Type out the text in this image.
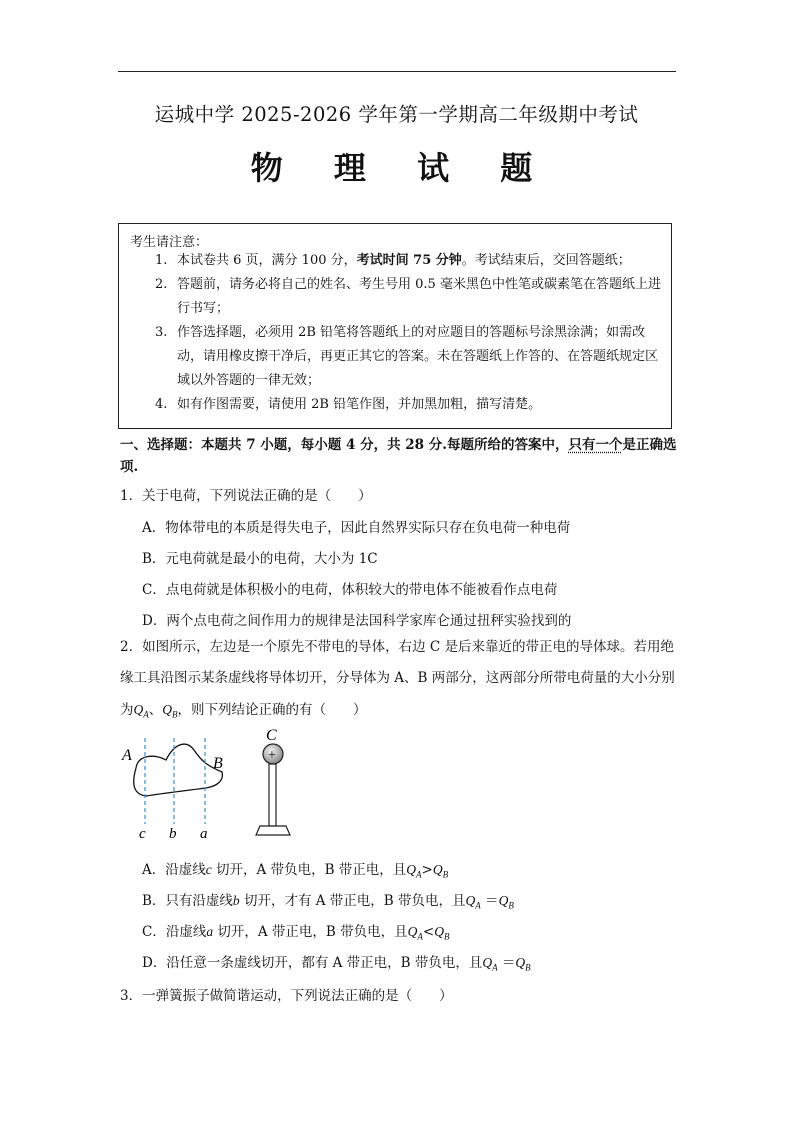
运城中学 2025-2026 学年第一学期高二年级期中考试
物 理 试 题
考生请注意：
1. 本试卷共 6 页，满分 100 分，考试时间 75 分钟。考试结束后，交回答题纸；
2. 答题前，请务必将自己的姓名、考生号用 0.5 毫米黑色中性笔或碳素笔在答题纸上进行书写；
3. 作答选择题，必须用 2B 铅笔将答题纸上的对应题目的答题标号涂黑涂满；如需改动，请用橡皮擦干净后，再更正其它的答案。未在答题纸上作答的、在答题纸规定区域以外答题的一律无效；
4. 如有作图需要，请使用 2B 铅笔作图，并加黑加粗，描写清楚。
一、选择题：本题共 7 小题，每小题 4 分，共 28 分.每题所给的答案中，只有一个是正确选项.
1．关于电荷，下列说法正确的是（　　）
A．物体带电的本质是得失电子，因此自然界实际只存在负电荷一种电荷
B．元电荷就是最小的电荷，大小为 1C
C．点电荷就是体积极小的电荷，体积较大的带电体不能被看作点电荷
D．两个点电荷之间作用力的规律是法国科学家库仑通过扭秤实验找到的
2．如图所示，左边是一个原先不带电的导体，右边 C 是后来靠近的带正电的导体球。若用绝缘工具沿图示某条虚线将导体切开，分导体为 A、B 两部分，这两部分所带电荷量的大小分别为$Q_A$、$Q_B$，则下列结论正确的有（　　）
A	B
c b a
C
+
A．沿虚线c 切开，A 带负电，B 带正电，且$Q_A>Q_B$
B．只有沿虚线b 切开，才有 A 带正电，B 带负电，且$Q_A =Q_B$
C．沿虚线a 切开，A 带正电，B 带负电，且$Q_A<Q_B$
D．沿任意一条虚线切开，都有 A 带正电，B 带负电，且$Q_A =Q_B$
3．一弹簧振子做简谐运动，下列说法正确的是（　　）
